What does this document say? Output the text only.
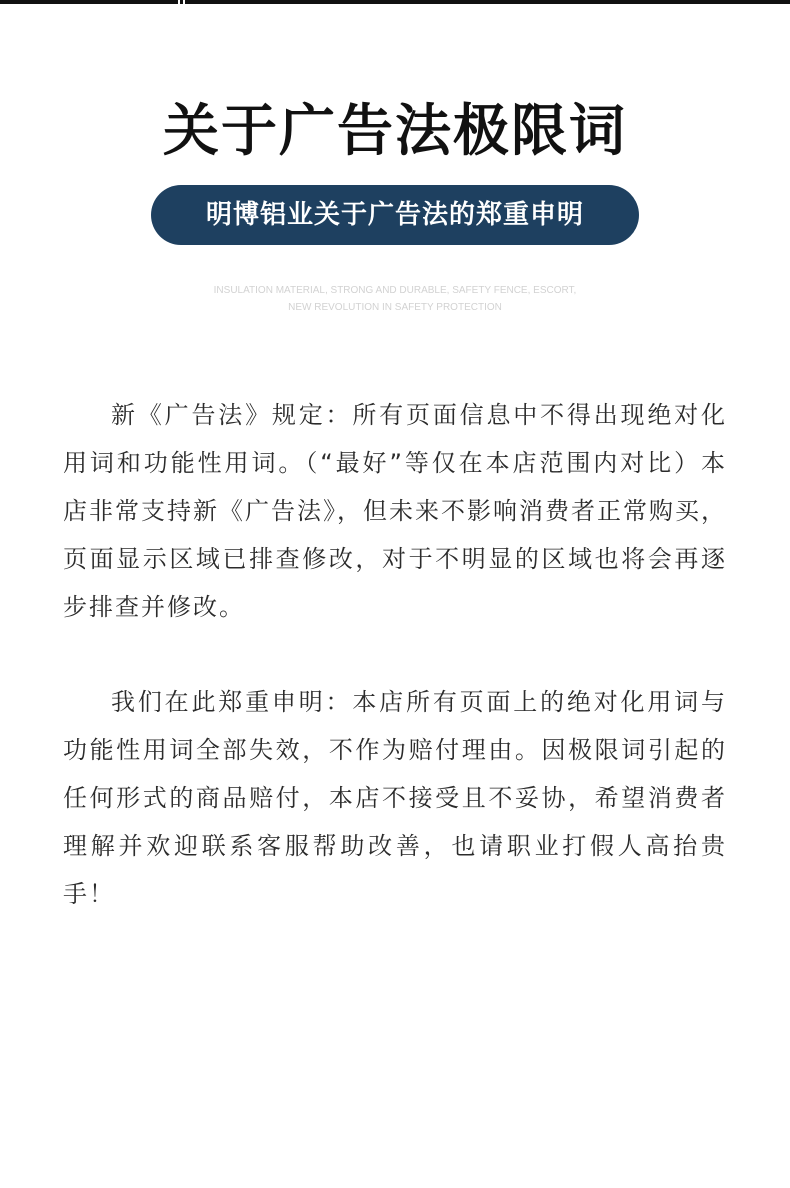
关于广告法极限词
明博铝业关于广告法的郑重申明
INSULATION MATERIAL, STRONG AND DURABLE, SAFETY FENCE, ESCORT,
NEW REVOLUTION IN SAFETY PROTECTION
新《广告法》规定：所有页面信息中不得出现绝对化用词和功能性用词。（“最好”等仅在本店范围内对比）本店非常支持新《广告法》，但未来不影响消费者正常购买，页面显示区域已排查修改，对于不明显的区域也将会再逐步排查并修改。
我们在此郑重申明：本店所有页面上的绝对化用词与功能性用词全部失效，不作为赔付理由。因极限词引起的任何形式的商品赔付，本店不接受且不妥协，希望消费者理解并欢迎联系客服帮助改善，也请职业打假人高抬贵手！
